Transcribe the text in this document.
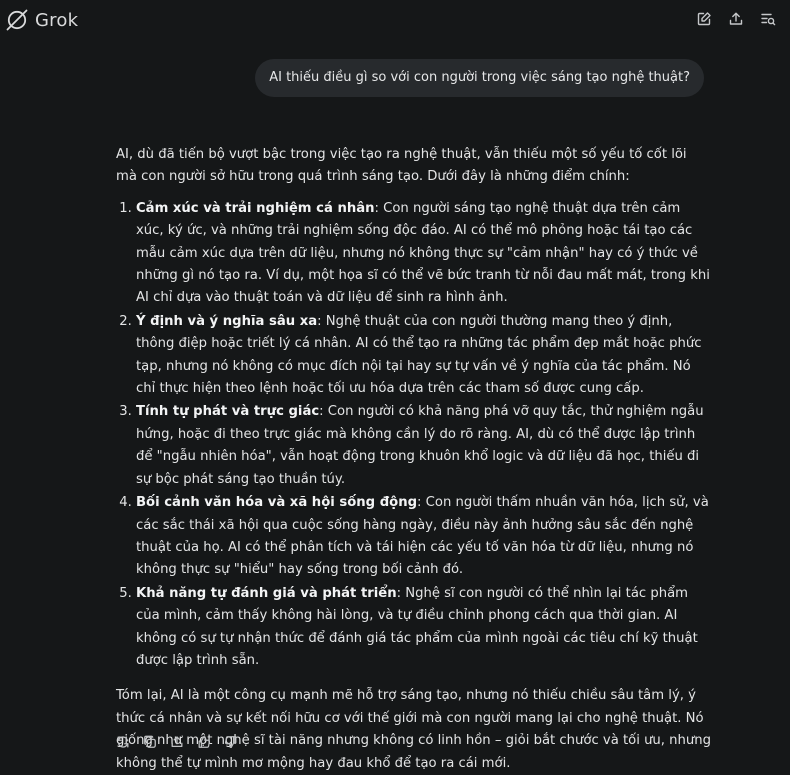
Grok
AI thiếu điều gì so với con người trong việc sáng tạo nghệ thuật?

AI, dù đã tiến bộ vượt bậc trong việc tạo ra nghệ thuật, vẫn thiếu một số yếu tố cốt lõi mà con người sở hữu trong quá trình sáng tạo. Dưới đây là những điểm chính:

1. Cảm xúc và trải nghiệm cá nhân: Con người sáng tạo nghệ thuật dựa trên cảm xúc, ký ức, và những trải nghiệm sống độc đáo. AI có thể mô phỏng hoặc tái tạo các mẫu cảm xúc dựa trên dữ liệu, nhưng nó không thực sự "cảm nhận" hay có ý thức về những gì nó tạo ra. Ví dụ, một họa sĩ có thể vẽ bức tranh từ nỗi đau mất mát, trong khi AI chỉ dựa vào thuật toán và dữ liệu để sinh ra hình ảnh.
2. Ý định và ý nghĩa sâu xa: Nghệ thuật của con người thường mang theo ý định, thông điệp hoặc triết lý cá nhân. AI có thể tạo ra những tác phẩm đẹp mắt hoặc phức tạp, nhưng nó không có mục đích nội tại hay sự tự vấn về ý nghĩa của tác phẩm. Nó chỉ thực hiện theo lệnh hoặc tối ưu hóa dựa trên các tham số được cung cấp.
3. Tính tự phát và trực giác: Con người có khả năng phá vỡ quy tắc, thử nghiệm ngẫu hứng, hoặc đi theo trực giác mà không cần lý do rõ ràng. AI, dù có thể được lập trình để "ngẫu nhiên hóa", vẫn hoạt động trong khuôn khổ logic và dữ liệu đã học, thiếu đi sự bộc phát sáng tạo thuần túy.
4. Bối cảnh văn hóa và xã hội sống động: Con người thấm nhuần văn hóa, lịch sử, và các sắc thái xã hội qua cuộc sống hàng ngày, điều này ảnh hưởng sâu sắc đến nghệ thuật của họ. AI có thể phân tích và tái hiện các yếu tố văn hóa từ dữ liệu, nhưng nó không thực sự "hiểu" hay sống trong bối cảnh đó.
5. Khả năng tự đánh giá và phát triển: Nghệ sĩ con người có thể nhìn lại tác phẩm của mình, cảm thấy không hài lòng, và tự điều chỉnh phong cách qua thời gian. AI không có sự tự nhận thức để đánh giá tác phẩm của mình ngoài các tiêu chí kỹ thuật được lập trình sẵn.

Tóm lại, AI là một công cụ mạnh mẽ hỗ trợ sáng tạo, nhưng nó thiếu chiều sâu tâm lý, ý thức cá nhân và sự kết nối hữu cơ với thế giới mà con người mang lại cho nghệ thuật. Nó giống như một nghệ sĩ tài năng nhưng không có linh hồn – giỏi bắt chước và tối ưu, nhưng không thể tự mình mơ mộng hay đau khổ để tạo ra cái mới.
